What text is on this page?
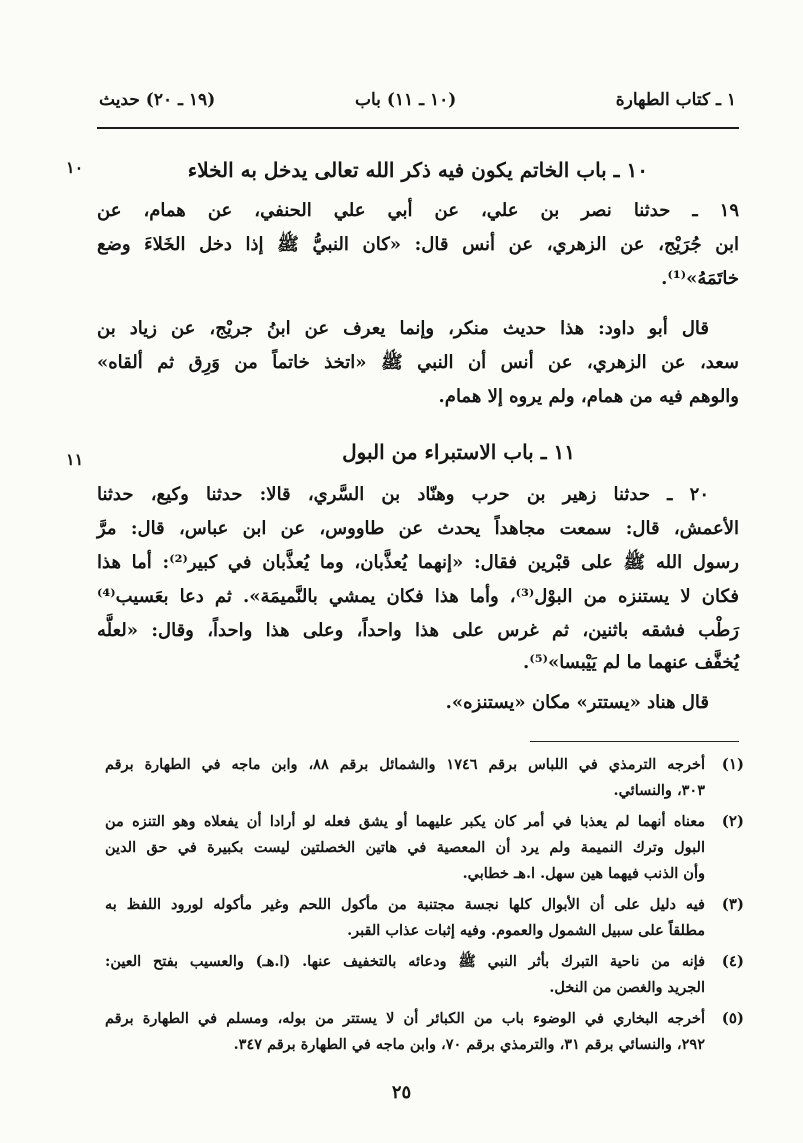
١ ـ كتاب الطهارة
(١٠ ـ ١١) باب
(١٩ ـ ٢٠) حديث
١٠	١٠ ـ باب الخاتم يكون فيه ذكر الله تعالى يدخل به الخلاء
١٩ ـ حدثنا نصر بن علي، عن أبي علي الحنفي، عن همام، عن
ابن جُرَيْج، عن الزهري، عن أنس قال: «كان النبيُّ ﷺ إذا دخل الخَلاءَ وضع
خاتَمَهُ»⁽¹⁾.
قال أبو داود: هذا حديث منكر، وإنما يعرف عن ابنُ جريْج، عن زياد بن
سعد، عن الزهري، عن أنس أن النبي ﷺ «اتخذ خاتماً من وَرِق ثم ألقاه»
والوهم فيه من همام، ولم يروه إلا همام.
١١	١١ ـ باب الاستبراء من البول
٢٠ ـ حدثنا زهير بن حرب وهنّاد بن السَّري، قالا: حدثنا وكيع، حدثنا
الأعمش، قال: سمعت مجاهداً يحدث عن طاووس، عن ابن عباس، قال: مرَّ
رسول الله ﷺ على قبْرين فقال: «إنهما يُعذَّبان، وما يُعذَّبان في كبير⁽²⁾: أما هذا
فكان لا يستنزه من البوْل⁽³⁾، وأما هذا فكان يمشي بالنَّميمَة». ثم دعا بعَسيب⁽⁴⁾
رَطْب فشقه باثنين، ثم غرس على هذا واحداً، وعلى هذا واحداً، وقال: «لعلَّه
يُخفَّف عنهما ما لم يَيْبسا»⁽⁵⁾.
قال هناد «يستتر» مكان «يستنزه».
(١)
أخرجه الترمذي في اللباس برقم ١٧٤٦ والشمائل برقم ٨٨، وابن ماجه في الطهارة برقم
٣٠٣، والنسائي.
(٢)
معناه أنهما لم يعذبا في أمر كان يكبر عليهما أو يشق فعله لو أرادا أن يفعلاه وهو التنزه من
البول وترك النميمة ولم يرد أن المعصية في هاتين الخصلتين ليست بكبيرة في حق الدين
وأن الذنب فيهما هين سهل. ا.هـ خطابي.
(٣)
فيه دليل على أن الأبوال كلها نجسة مجتنبة من مأكول اللحم وغير مأكوله لورود اللفظ به
مطلقاً على سبيل الشمول والعموم. وفيه إثبات عذاب القبر.
(٤)
فإنه من ناحية التبرك بأثر النبي ﷺ ودعائه بالتخفيف عنها. (ا.هـ) والعسيب بفتح العين:
الجريد والغصن من النخل.
(٥)
أخرجه البخاري في الوضوء باب من الكبائر أن لا يستتر من بوله، ومسلم في الطهارة برقم
٢٩٢، والنسائي برقم ٣١، والترمذي برقم ٧٠، وابن ماجه في الطهارة برقم ٣٤٧.
٢٥
